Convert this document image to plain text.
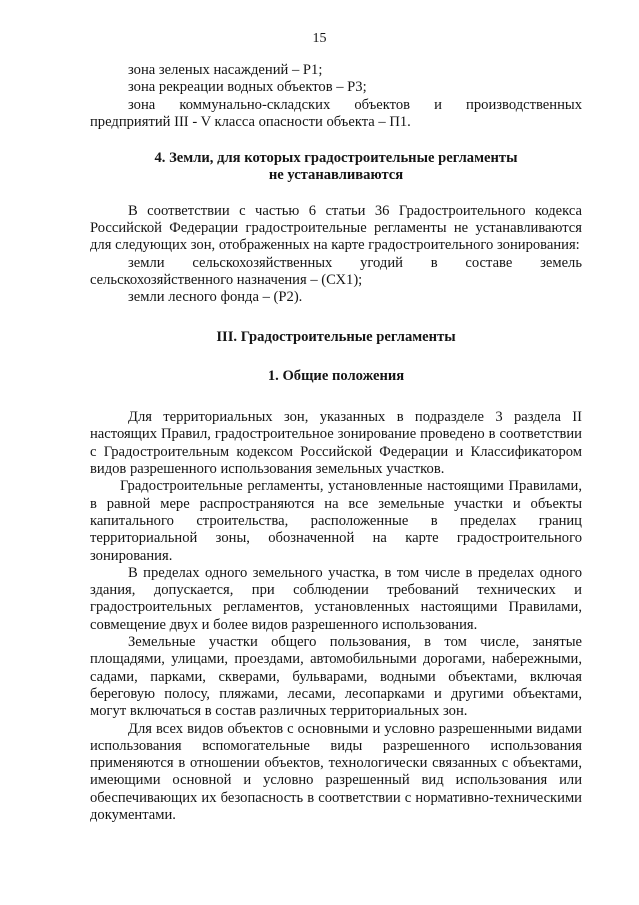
15

зона зеленых насаждений – Р1;

зона рекреации водных объектов – Р3;

зона коммунально-складских объектов и производственных предприятий III - V класса опасности объекта – П1.

4. Земли, для которых градостроительные регламенты

не устанавливаются

В соответствии с частью 6 статьи 36 Градостроительного кодекса Российской Федерации градостроительные регламенты не устанавливаются для следующих зон, отображенных на карте градостроительного зонирования:

земли сельскохозяйственных угодий в составе земель сельскохозяйственного назначения – (СХ1);

земли лесного фонда – (Р2).

III. Градостроительные регламенты

1. Общие положения

Для территориальных зон, указанных в подразделе 3 раздела II настоящих Правил, градостроительное зонирование проведено в соответствии с Градостроительным кодексом Российской Федерации и Классификатором видов разрешенного использования земельных участков.

Градостроительные регламенты, установленные настоящими Правилами, в равной мере распространяются на все земельные участки и объекты капитального строительства, расположенные в пределах границ территориальной зоны, обозначенной на карте градостроительного зонирования.

В пределах одного земельного участка, в том числе в пределах одного здания, допускается, при соблюдении требований технических и градостроительных регламентов, установленных настоящими Правилами, совмещение двух и более видов разрешенного использования.

Земельные участки общего пользования, в том числе, занятые площадями, улицами, проездами, автомобильными дорогами, набережными, садами, парками, скверами, бульварами, водными объектами, включая береговую полосу, пляжами, лесами, лесопарками и другими объектами, могут включаться в состав различных территориальных зон.

Для всех видов объектов с основными и условно разрешенными видами использования вспомогательные виды разрешенного использования применяются в отношении объектов, технологически связанных с объектами, имеющими основной и условно разрешенный вид использования или обеспечивающих их безопасность в соответствии с нормативно-техническими документами.
